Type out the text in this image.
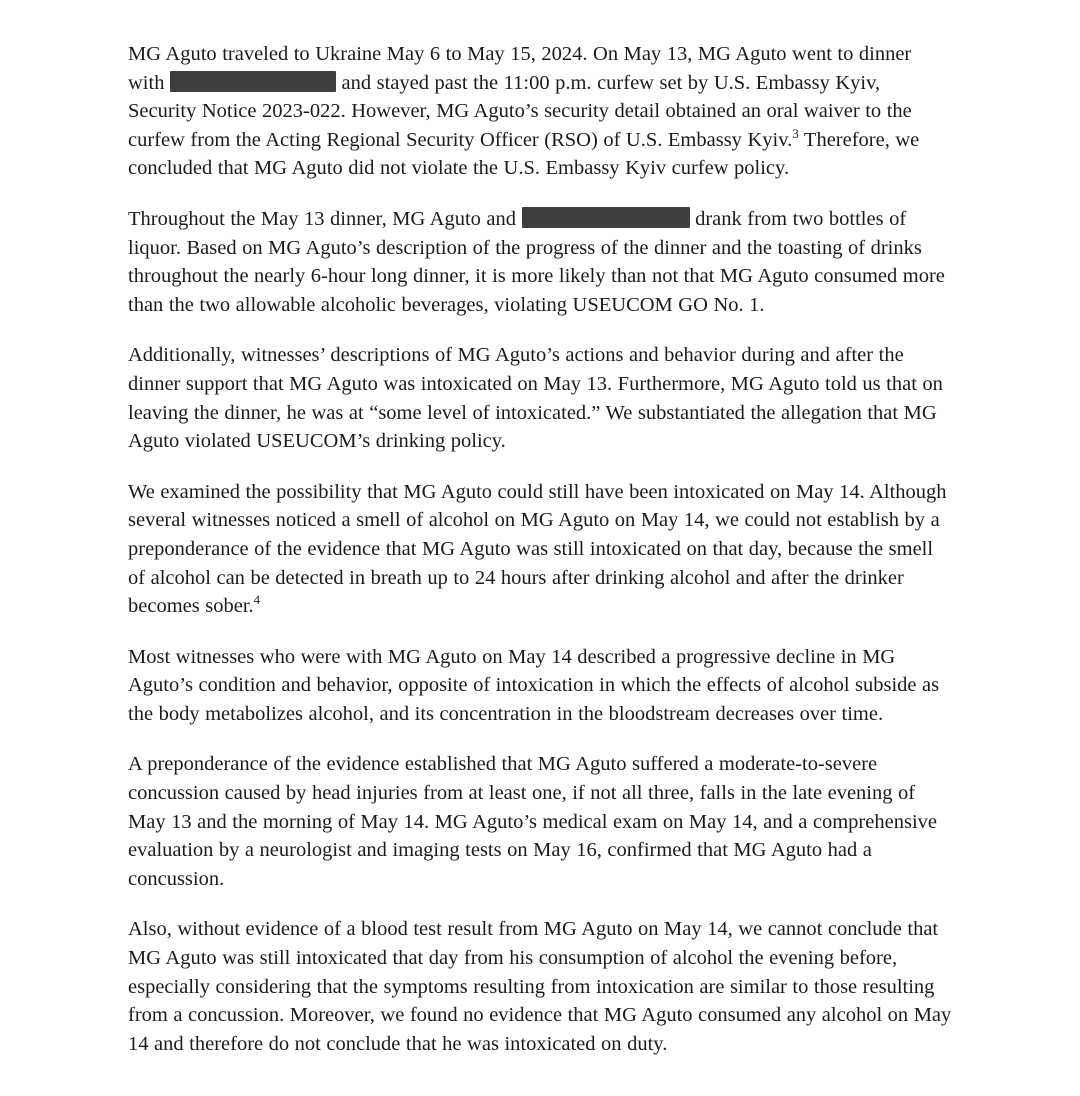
MG Aguto traveled to Ukraine May 6 to May 15, 2024. On May 13, MG Aguto went to dinner with	and stayed past the 11:00 p.m. curfew set by U.S. Embassy Kyiv, Security Notice 2023-022. However, MG Aguto’s security detail obtained an oral waiver to the curfew from the Acting Regional Security Officer (RSO) of U.S. Embassy Kyiv.$^3$ Therefore, we concluded that MG Aguto did not violate the U.S. Embassy Kyiv curfew policy.

Throughout the May 13 dinner, MG Aguto and	drank from two bottles of liquor. Based on MG Aguto’s description of the progress of the dinner and the toasting of drinks throughout the nearly 6-hour long dinner, it is more likely than not that MG Aguto consumed more than the two allowable alcoholic beverages, violating USEUCOM GO No. 1.

Additionally, witnesses’ descriptions of MG Aguto’s actions and behavior during and after the dinner support that MG Aguto was intoxicated on May 13. Furthermore, MG Aguto told us that on leaving the dinner, he was at “some level of intoxicated.” We substantiated the allegation that MG Aguto violated USEUCOM’s drinking policy.

We examined the possibility that MG Aguto could still have been intoxicated on May 14. Although several witnesses noticed a smell of alcohol on MG Aguto on May 14, we could not establish by a preponderance of the evidence that MG Aguto was still intoxicated on that day, because the smell of alcohol can be detected in breath up to 24 hours after drinking alcohol and after the drinker becomes sober.$^4$

Most witnesses who were with MG Aguto on May 14 described a progressive decline in MG Aguto’s condition and behavior, opposite of intoxication in which the effects of alcohol subside as the body metabolizes alcohol, and its concentration in the bloodstream decreases over time.

A preponderance of the evidence established that MG Aguto suffered a moderate-to-severe concussion caused by head injuries from at least one, if not all three, falls in the late evening of May 13 and the morning of May 14. MG Aguto’s medical exam on May 14, and a comprehensive evaluation by a neurologist and imaging tests on May 16, confirmed that MG Aguto had a concussion.

Also, without evidence of a blood test result from MG Aguto on May 14, we cannot conclude that MG Aguto was still intoxicated that day from his consumption of alcohol the evening before, especially considering that the symptoms resulting from intoxication are similar to those resulting from a concussion. Moreover, we found no evidence that MG Aguto consumed any alcohol on May 14 and therefore do not conclude that he was intoxicated on duty.
